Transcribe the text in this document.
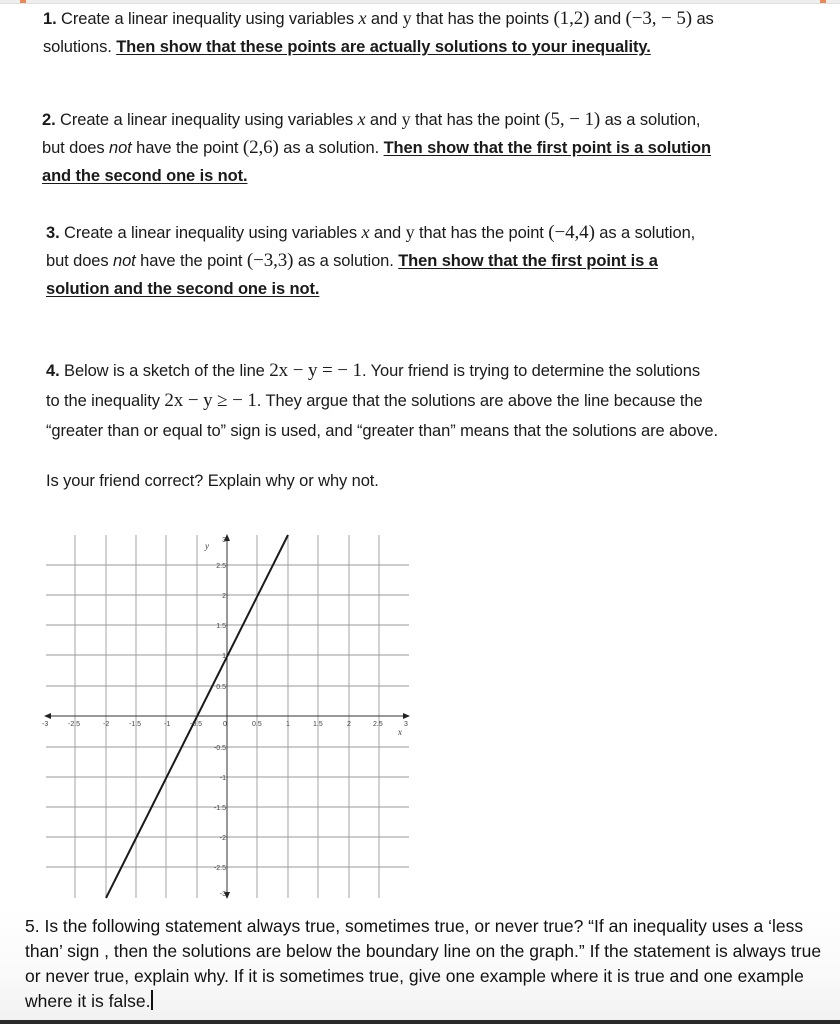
1. Create a linear inequality using variables x and y that has the points (1,2) and (−3, − 5) as
solutions. Then show that these points are actually solutions to your inequality.
2. Create a linear inequality using variables x and y that has the point (5, − 1) as a solution,
but does not have the point (2,6) as a solution. Then show that the first point is a solution
and the second one is not.
3. Create a linear inequality using variables x and y that has the point (−4,4) as a solution,
but does not have the point (−3,3) as a solution. Then show that the first point is a
solution and the second one is not.
4. Below is a sketch of the line 2x − y = − 1. Your friend is trying to determine the solutions
to the inequality 2x − y ≥ − 1. They argue that the solutions are above the line because the
“greater than or equal to” sign is used, and “greater than” means that the solutions are above.
Is your friend correct? Explain why or why not.
-3	-2.5	-2	-1.5	-1	-0.5	0	0.5	1	1.5	2	2.5	3
3
2.5
2
1.5
1
0.5
-0.5
-1
-1.5
-2
-2.5
-3
y
x
5. Is the following statement always true, sometimes true, or never true? “If an inequality uses a ‘less than’ sign , then the solutions are below the boundary line on the graph.” If the statement is always true or never true, explain why. If it is sometimes true, give one example where it is true and one example where it is false.
